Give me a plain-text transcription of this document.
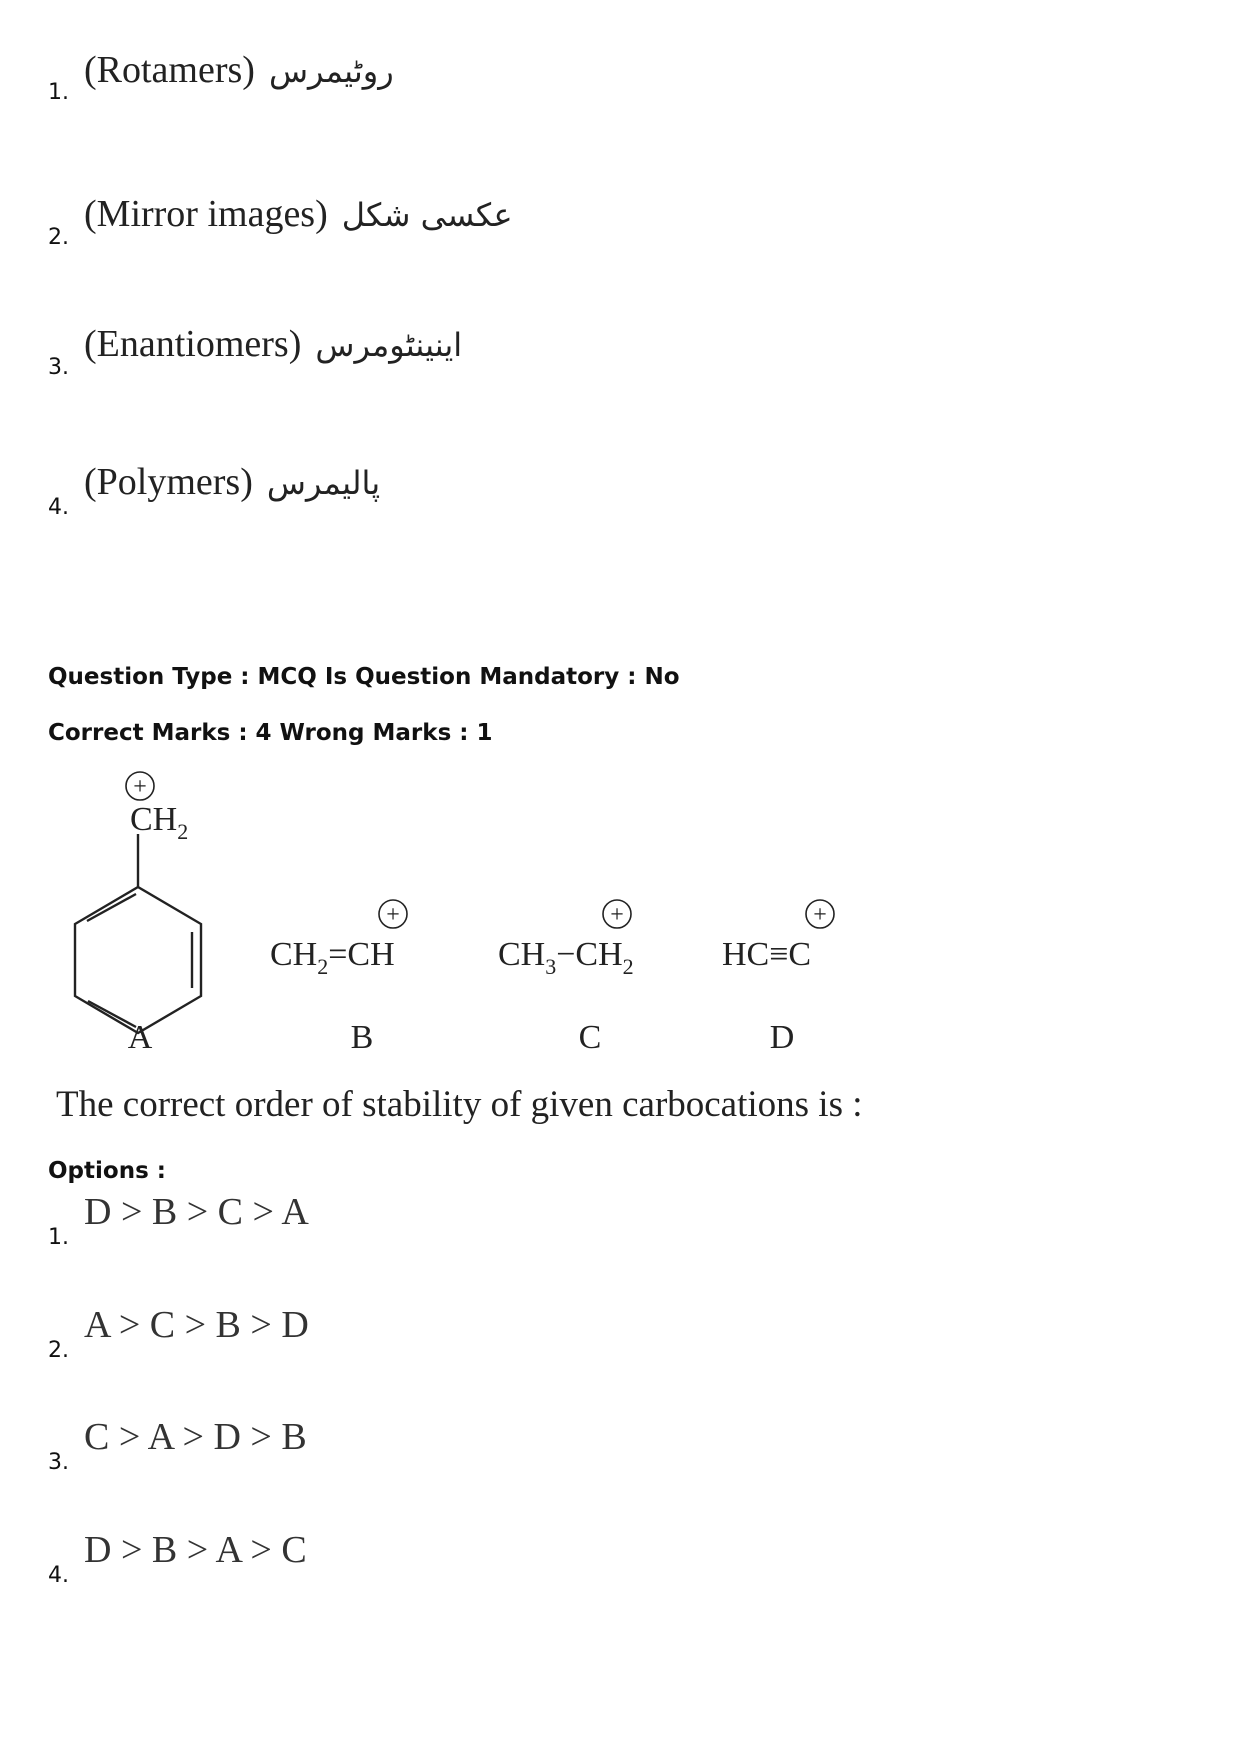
1.
(Rotamers) روٹیمرس
2.
(Mirror images) عکسی شکل
3.
(Enantiomers) اینینٹومرس
4.
(Polymers) پالیمرس
Question Type : MCQ Is Question Mandatory : No
Correct Marks : 4 Wrong Marks : 1
+
$CH_2$
A
+
$CH_2=CH$
B
+
$CH_3-CH_2$
C
+
HC≡C
D
The correct order of stability of given carbocations is :
Options :
1.
D > B > C > A
2.
A > C > B > D
3.
C > A > D > B
4.
D > B > A > C
